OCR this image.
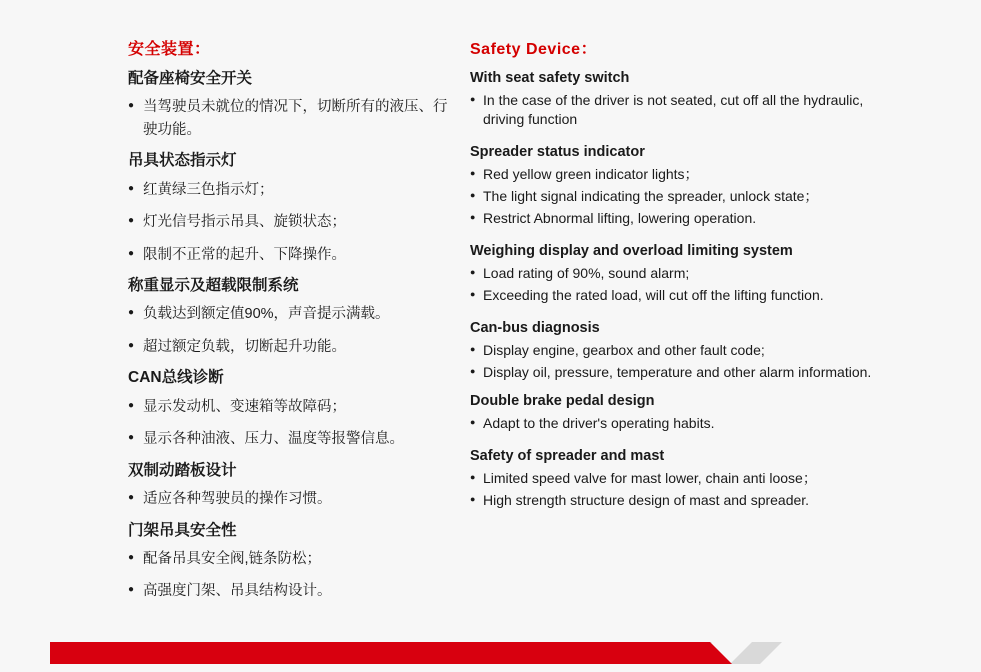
安全装置：
配备座椅安全开关
● 当驾驶员未就位的情况下，切断所有的液压、行驶功能。
吊具状态指示灯
● 红黄绿三色指示灯；
● 灯光信号指示吊具、旋锁状态；
● 限制不正常的起升、下降操作。
称重显示及超载限制系统
● 负载达到额定值90%，声音提示满载。
● 超过额定负载，切断起升功能。
CAN总线诊断
● 显示发动机、变速箱等故障码；
● 显示各种油液、压力、温度等报警信息。
双制动踏板设计
● 适应各种驾驶员的操作习惯。
门架吊具安全性
● 配备吊具安全阀,链条防松；
● 高强度门架、吊具结构设计。
Safety Device：
With seat safety switch
● In the case of the driver is not seated, cut off all the hydraulic, driving function
Spreader status indicator
● Red yellow green indicator lights；
● The light signal indicating the spreader, unlock state；
● Restrict Abnormal lifting, lowering operation.
Weighing display and overload limiting system
● Load rating of 90%, sound alarm;
● Exceeding the rated load, will cut off the lifting function.
Can-bus diagnosis
● Display engine, gearbox and other fault code;
● Display oil, pressure, temperature and other alarm information.
Double brake pedal design
● Adapt to the driver's operating habits.
Safety of spreader and mast
● Limited speed valve for mast lower, chain anti loose；
● High strength structure design of mast and spreader.
